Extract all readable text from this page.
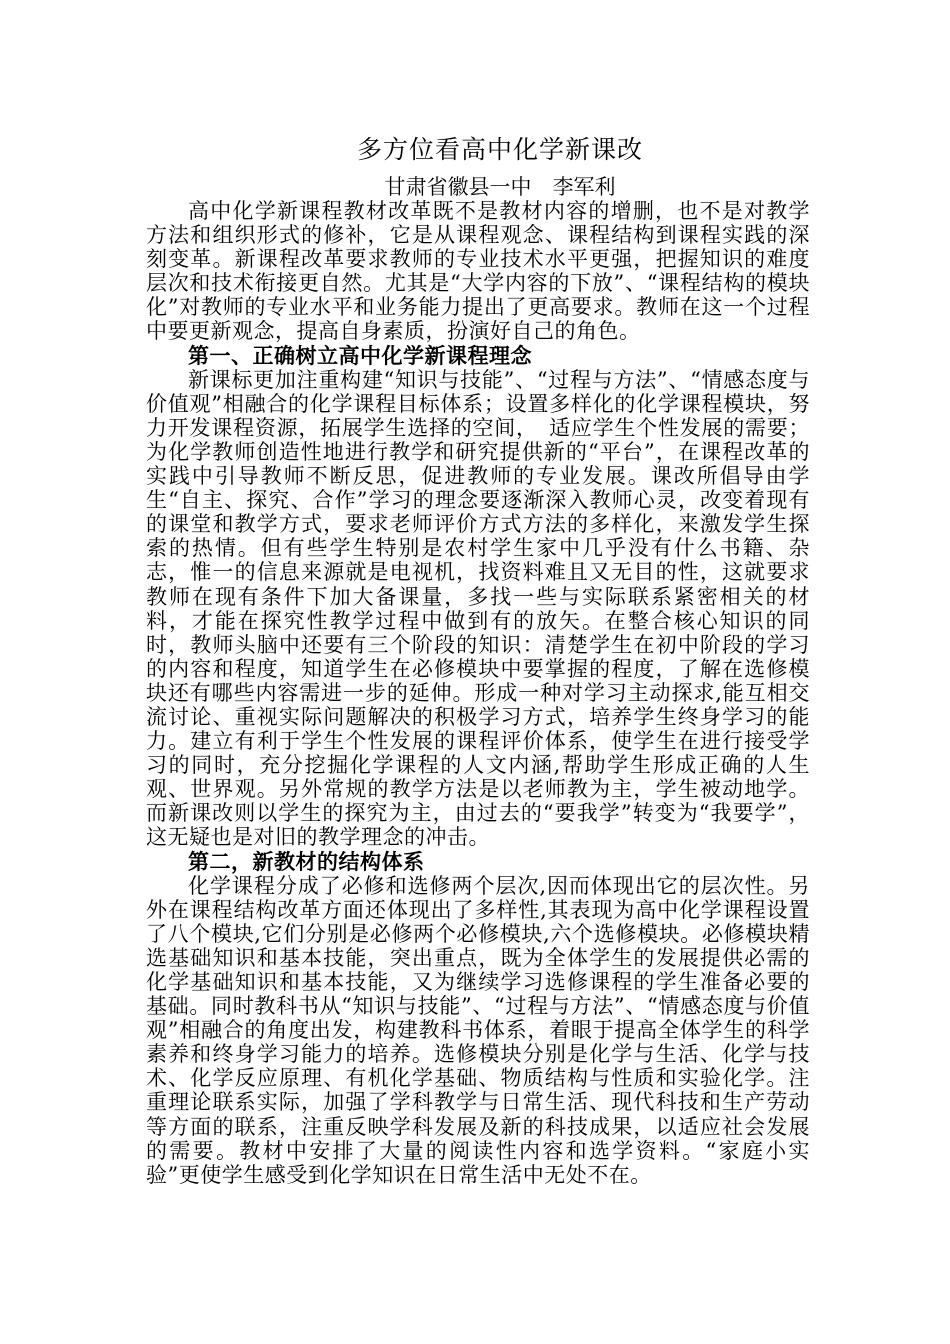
多方位看高中化学新课改
甘肃省徽县一中　李军利

高中化学新课程教材改革既不是教材内容的增删，也不是对教学方法和组织形式的修补，它是从课程观念、课程结构到课程实践的深刻变革。新课程改革要求教师的专业技术水平更强，把握知识的难度层次和技术衔接更自然。尤其是“大学内容的下放”、“课程结构的模块化”对教师的专业水平和业务能力提出了更高要求。教师在这一个过程中要更新观念，提高自身素质，扮演好自己的角色。

第一、正确树立高中化学新课程理念

新课标更加注重构建“知识与技能”、“过程与方法”、“情感态度与价值观”相融合的化学课程目标体系；设置多样化的化学课程模块，努力开发课程资源，拓展学生选择的空间，　适应学生个性发展的需要；为化学教师创造性地进行教学和研究提供新的“平台”，在课程改革的实践中引导教师不断反思，促进教师的专业发展。课改所倡导由学生“自主、探究、合作”学习的理念要逐渐深入教师心灵，改变着现有的课堂和教学方式，要求老师评价方式方法的多样化，来激发学生探索的热情。但有些学生特别是农村学生家中几乎没有什么书籍、杂志，惟一的信息来源就是电视机，找资料难且又无目的性，这就要求教师在现有条件下加大备课量，多找一些与实际联系紧密相关的材料，才能在探究性教学过程中做到有的放矢。在整合核心知识的同时，教师头脑中还要有三个阶段的知识：清楚学生在初中阶段的学习的内容和程度，知道学生在必修模块中要掌握的程度，了解在选修模块还有哪些内容需进一步的延伸。形成一种对学习主动探求,能互相交流讨论、重视实际问题解决的积极学习方式，培养学生终身学习的能力。建立有利于学生个性发展的课程评价体系，使学生在进行接受学习的同时，充分挖掘化学课程的人文内涵,帮助学生形成正确的人生观、世界观。另外常规的教学方法是以老师教为主，学生被动地学。而新课改则以学生的探究为主，由过去的“要我学”转变为“我要学”，这无疑也是对旧的教学理念的冲击。

第二，新教材的结构体系

化学课程分成了必修和选修两个层次,因而体现出它的层次性。另外在课程结构改革方面还体现出了多样性,其表现为高中化学课程设置了八个模块,它们分别是必修两个必修模块,六个选修模块。必修模块精选基础知识和基本技能，突出重点，既为全体学生的发展提供必需的化学基础知识和基本技能，又为继续学习选修课程的学生准备必要的基础。同时教科书从“知识与技能”、“过程与方法”、“情感态度与价值观”相融合的角度出发，构建教科书体系，着眼于提高全体学生的科学素养和终身学习能力的培养。选修模块分别是化学与生活、化学与技术、化学反应原理、有机化学基础、物质结构与性质和实验化学。注重理论联系实际，加强了学科教学与日常生活、现代科技和生产劳动等方面的联系，注重反映学科发展及新的科技成果，以适应社会发展的需要。教材中安排了大量的阅读性内容和选学资料。“家庭小实验”更使学生感受到化学知识在日常生活中无处不在。
